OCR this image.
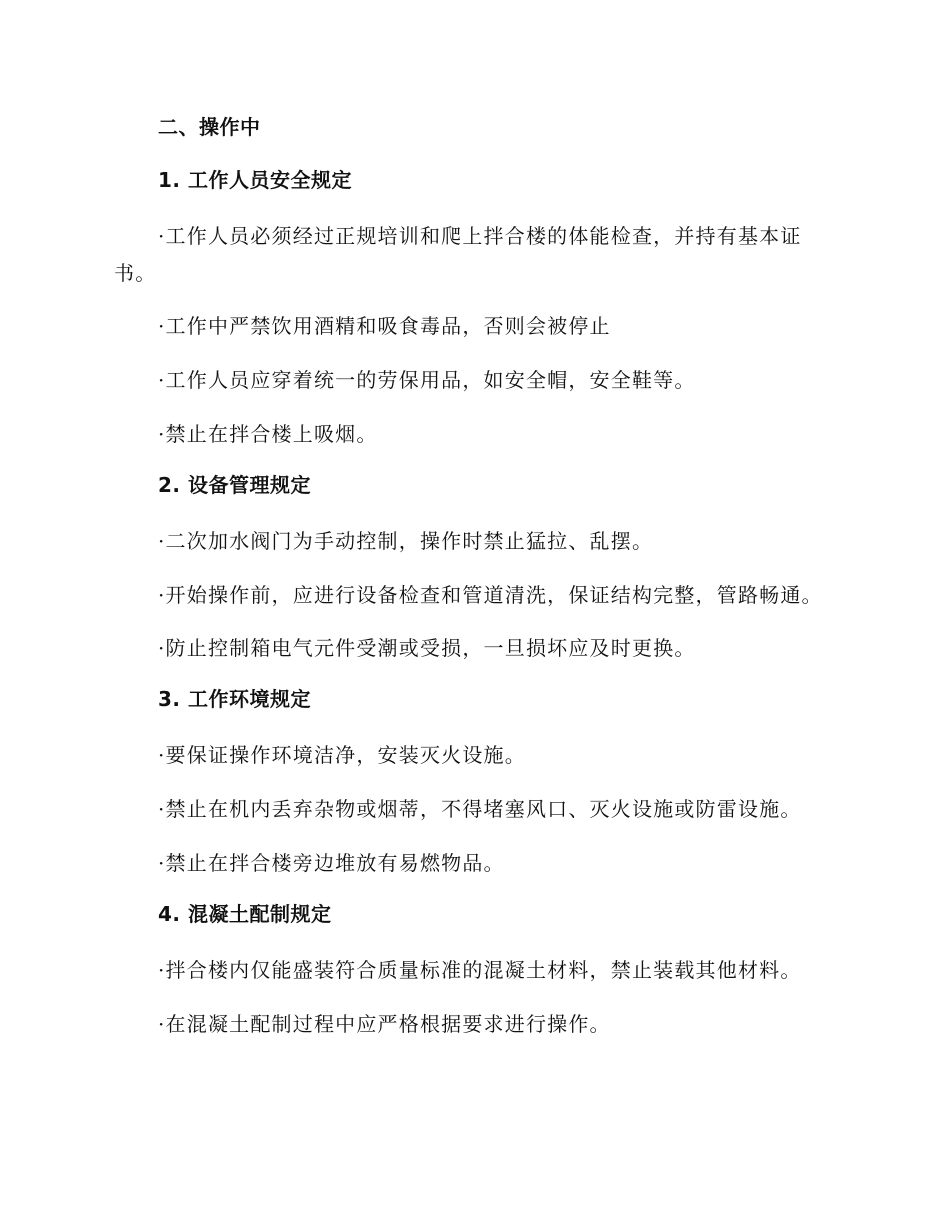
二、操作中
1. 工作人员安全规定

·工作人员必须经过正规培训和爬上拌合楼的体能检查，并持有基本证书。

·工作中严禁饮用酒精和吸食毒品，否则会被停止

·工作人员应穿着统一的劳保用品，如安全帽，安全鞋等。

·禁止在拌合楼上吸烟。

2. 设备管理规定

·二次加水阀门为手动控制，操作时禁止猛拉、乱摆。

·开始操作前，应进行设备检查和管道清洗，保证结构完整，管路畅通。

·防止控制箱电气元件受潮或受损，一旦损坏应及时更换。

3. 工作环境规定

·要保证操作环境洁净，安装灭火设施。

·禁止在机内丢弃杂物或烟蒂，不得堵塞风口、灭火设施或防雷设施。

·禁止在拌合楼旁边堆放有易燃物品。

4. 混凝土配制规定

·拌合楼内仅能盛装符合质量标准的混凝土材料，禁止装载其他材料。

·在混凝土配制过程中应严格根据要求进行操作。
